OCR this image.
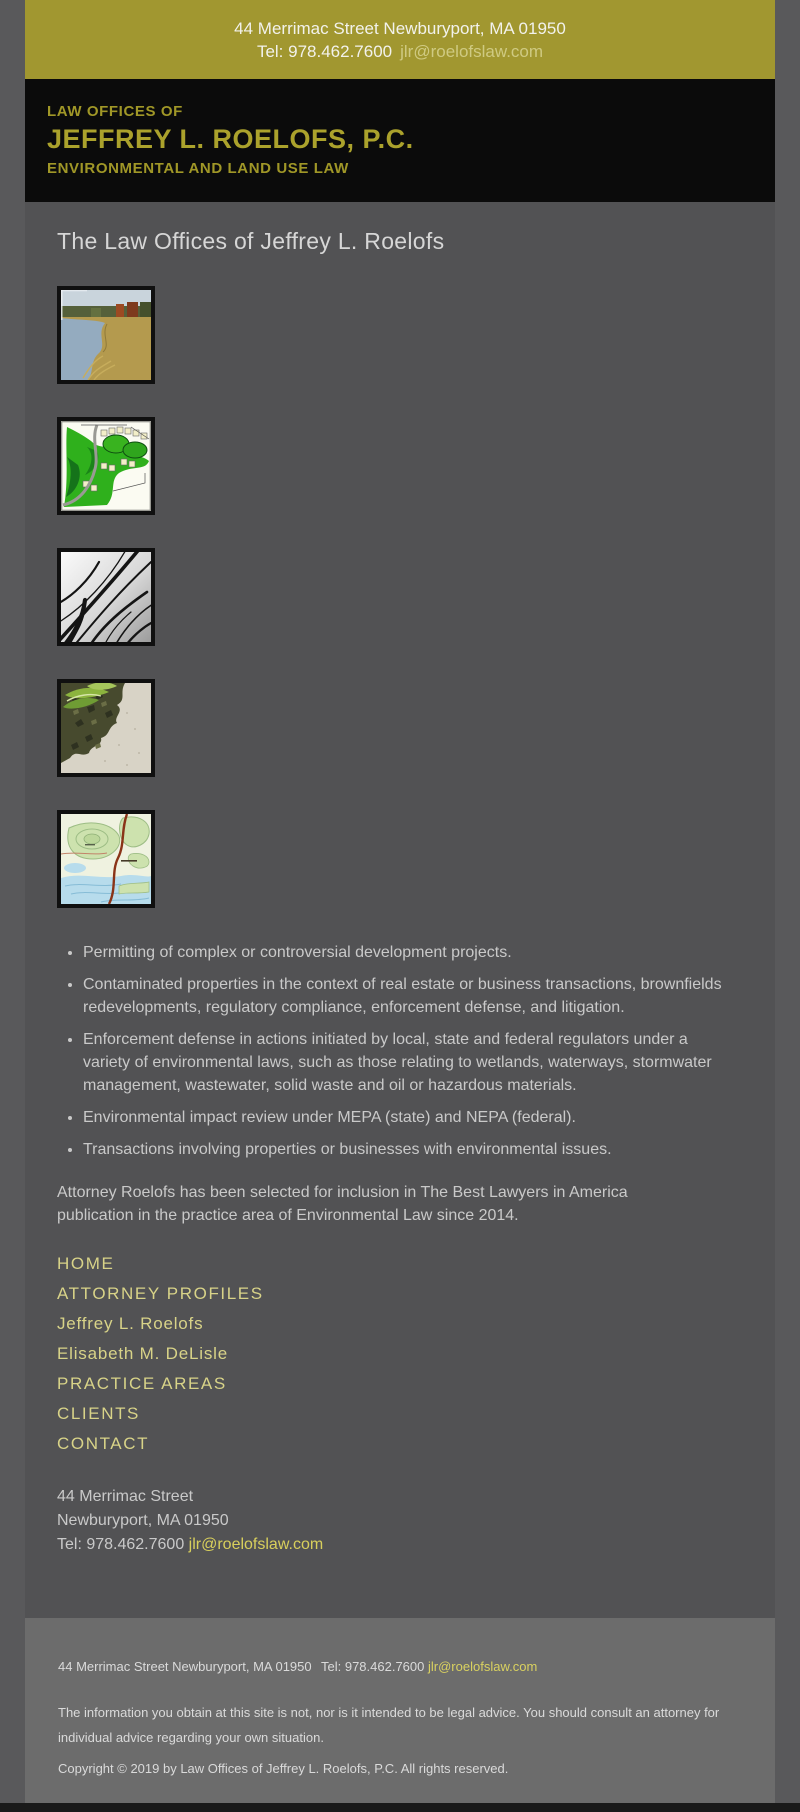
44 Merrimac Street Newburyport, MA 01950
Tel: 978.462.7600 jlr@roelofslaw.com
LAW OFFICES OF
JEFFREY L. ROELOFS, P.C.
ENVIRONMENTAL AND LAND USE LAW
The Law Offices of Jeffrey L. Roelofs
• Permitting of complex or controversial development projects.
• Contaminated properties in the context of real estate or business transactions, brownfields redevelopments, regulatory compliance, enforcement defense, and litigation.
• Enforcement defense in actions initiated by local, state and federal regulators under a variety of environmental laws, such as those relating to wetlands, waterways, stormwater management, wastewater, solid waste and oil or hazardous materials.
• Environmental impact review under MEPA (state) and NEPA (federal).
• Transactions involving properties or businesses with environmental issues.

Attorney Roelofs has been selected for inclusion in The Best Lawyers in America publication in the practice area of Environmental Law since 2014.

HOME
ATTORNEY PROFILES
Jeffrey L. Roelofs
Elisabeth M. DeLisle
PRACTICE AREAS
CLIENTS
CONTACT
44 Merrimac Street
Newburyport, MA 01950
Tel: 978.462.7600 jlr@roelofslaw.com
44 Merrimac Street Newburyport, MA 01950 Tel: 978.462.7600 jlr@roelofslaw.com
The information you obtain at this site is not, nor is it intended to be legal advice. You should consult an attorney for individual advice regarding your own situation.
Copyright © 2019 by Law Offices of Jeffrey L. Roelofs, P.C. All rights reserved.
